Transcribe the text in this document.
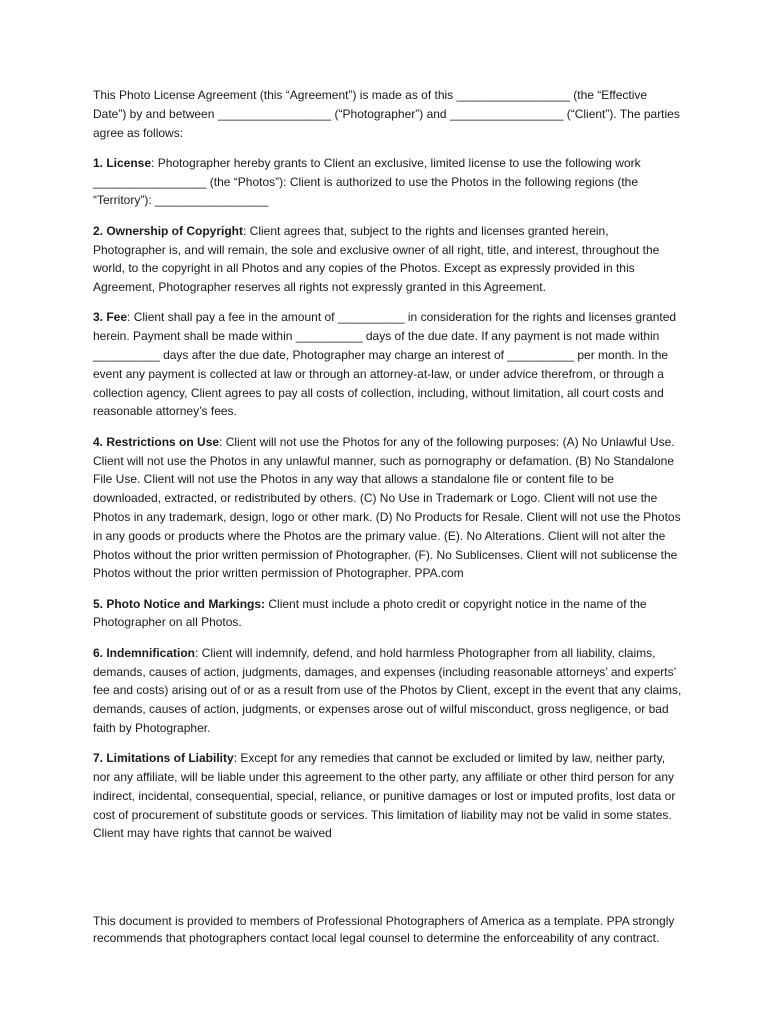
This Photo License Agreement (this “Agreement”) is made as of this _________________ (the “Effective Date”) by and between _________________ (“Photographer”) and _________________ (“Client”). The parties agree as follows:

1. License: Photographer hereby grants to Client an exclusive, limited license to use the following work _________________ (the “Photos”): Client is authorized to use the Photos in the following regions (the “Territory”): _________________

2. Ownership of Copyright: Client agrees that, subject to the rights and licenses granted herein, Photographer is, and will remain, the sole and exclusive owner of all right, title, and interest, throughout the world, to the copyright in all Photos and any copies of the Photos. Except as expressly provided in this Agreement, Photographer reserves all rights not expressly granted in this Agreement.

3. Fee: Client shall pay a fee in the amount of __________ in consideration for the rights and licenses granted herein. Payment shall be made within __________ days of the due date. If any payment is not made within __________ days after the due date, Photographer may charge an interest of __________ per month. In the event any payment is collected at law or through an attorney-at-law, or under advice therefrom, or through a collection agency, Client agrees to pay all costs of collection, including, without limitation, all court costs and reasonable attorney’s fees.

4. Restrictions on Use: Client will not use the Photos for any of the following purposes: (A) No Unlawful Use. Client will not use the Photos in any unlawful manner, such as pornography or defamation. (B) No Standalone File Use. Client will not use the Photos in any way that allows a standalone file or content file to be downloaded, extracted, or redistributed by others. (C) No Use in Trademark or Logo. Client will not use the Photos in any trademark, design, logo or other mark. (D) No Products for Resale. Client will not use the Photos in any goods or products where the Photos are the primary value. (E). No Alterations. Client will not alter the Photos without the prior written permission of Photographer. (F). No Sublicenses. Client will not sublicense the Photos without the prior written permission of Photographer. PPA.com

5. Photo Notice and Markings: Client must include a photo credit or copyright notice in the name of the Photographer on all Photos.

6. Indemnification: Client will indemnify, defend, and hold harmless Photographer from all liability, claims, demands, causes of action, judgments, damages, and expenses (including reasonable attorneys’ and experts’ fee and costs) arising out of or as a result from use of the Photos by Client, except in the event that any claims, demands, causes of action, judgments, or expenses arose out of wilful misconduct, gross negligence, or bad faith by Photographer.

7. Limitations of Liability: Except for any remedies that cannot be excluded or limited by law, neither party, nor any affiliate, will be liable under this agreement to the other party, any affiliate or other third person for any indirect, incidental, consequential, special, reliance, or punitive damages or lost or imputed profits, lost data or cost of procurement of substitute goods or services. This limitation of liability may not be valid in some states. Client may have rights that cannot be waived

This document is provided to members of Professional Photographers of America as a template. PPA strongly recommends that photographers contact local legal counsel to determine the enforceability of any contract.
